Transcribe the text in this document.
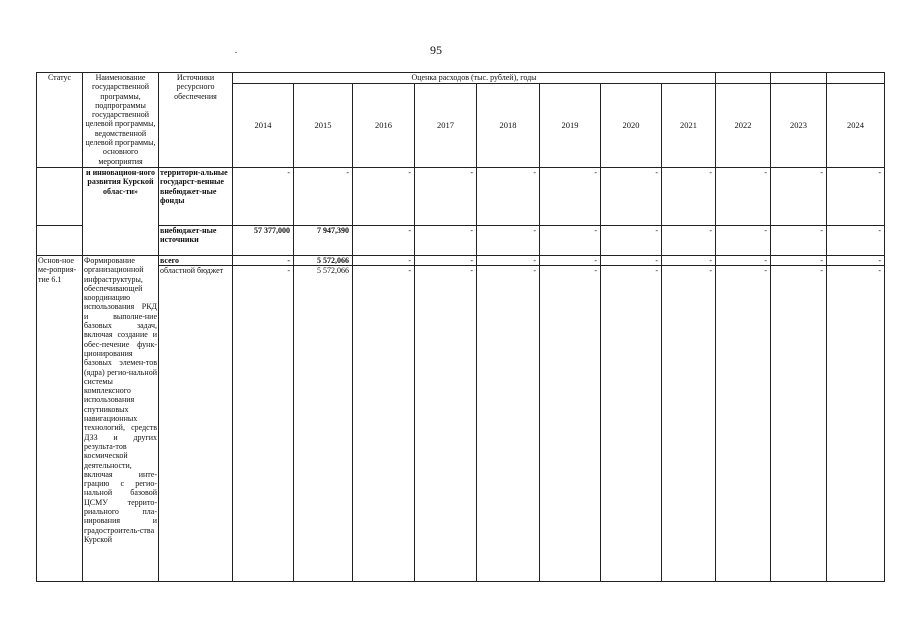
95
Статус	Наименование государственной программы, подпрограммы государственной целевой программы, ведомственной целевой программы, основного мероприятия	Источники ресурсного обеспечения	Оценка расходов (тыс. рублей), годы										
			2014	2015	2016	2017	2018	2019	2020	2021	2022	2023	2024
	и инновацион-ного развития Курской облас-ти»	территори-альные государст-венные внебюджет-ные фонды	-	-	-	-	-	-	-	-	-	-	-
		внебюджет-ные источники	57 377,000	7 947,390	-	-	-	-	-	-	-	-	-
Основ-ное ме-роприя-тие 6.1	Формирование организационной инфраструктуры, обеспечивающей координацию использования РКД и выполне-ние базовых задач, включая создание и обес-печение функ-ционирования базовых элемен-тов (ядра) регио-нальной системы комплексного использования спутниковых навигационных технологий, средств ДЗЗ и других результа-тов космической деятельности, включая инте-грацию с регио-нальной базовой ЦСМУ террито-риального пла-нирования и градостроитель-ства Курской	всего	-	5 572,066	-	-	-	-	-	-	-	-	-
		областной бюджет	-	5 572,066	-	-	-	-	-	-	-	-	-
